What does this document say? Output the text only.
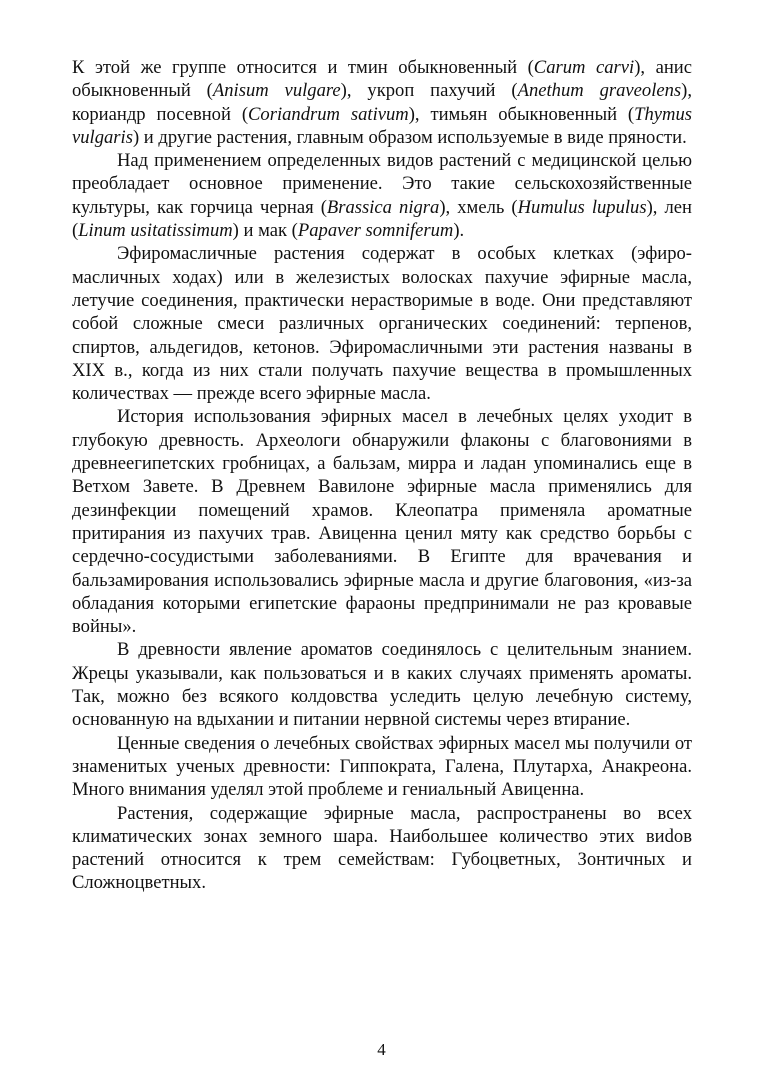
К этой же группе относится и тмин обыкновенный (Carum carvi), анис обыкновенный (Anisum vulgare), укроп пахучий (Anethum graveolens), кориандр посевной (Coriandrum sativum), тимьян обыкновенный (Thymus vulgaris) и другие растения, главным образом используемые в виде пряности.

Над применением определенных видов растений с медицинской целью преобладает основное применение. Это такие сельскохозяйственные культуры, как горчица черная (Brassica nigra), хмель (Humulus lupulus), лен (Linum usitatissimum) и мак (Papaver somniferum).

Эфиромасличные растения содержат в особых клетках (эфиромасличных ходах) или в железистых волосках пахучие эфирные масла, летучие соединения, практически нерастворимые в воде. Они представляют собой сложные смеси различных органических соединений: терпенов, спиртов, альдегидов, кетонов. Эфиромасличными эти растения названы в XIX в., когда из них стали получать пахучие вещества в промышленных количествах — прежде всего эфирные масла.

История использования эфирных масел в лечебных целях уходит в глубокую древность. Археологи обнаружили флаконы с благовониями в древнеегипетских гробницах, а бальзам, мирра и ладан упоминались еще в Ветхом Завете. В Древнем Вавилоне эфирные масла применялись для дезинфекции помещений храмов. Клеопатра применяла ароматные притирания из пахучих трав. Авиценна ценил мяту как средство борьбы с сердечно-сосудистыми заболеваниями. В Египте для врачевания и бальзамирования использовались эфирные масла и другие благовония, «из-за обладания которыми египетские фараоны предпринимали не раз кровавые войны».

В древности явление ароматов соединялось с целительным знанием. Жрецы указывали, как пользоваться и в каких случаях применять ароматы. Так, можно без всякого колдовства уследить целую лечебную систему, основанную на вдыхании и питании нервной системы через втирание.

Ценные сведения о лечебных свойствах эфирных масел мы получили от знаменитых ученых древности: Гиппократа, Галена, Плутарха, Анакреона. Много внимания уделял этой проблеме и гениальный Авиценна.

Растения, содержащие эфирные масла, распространены во всех климатических зонах земного шара. Наибольшее количество этих виdов растений относится к трем семействам: Губоцветных, Зонтичных и Сложноцветных.

4
